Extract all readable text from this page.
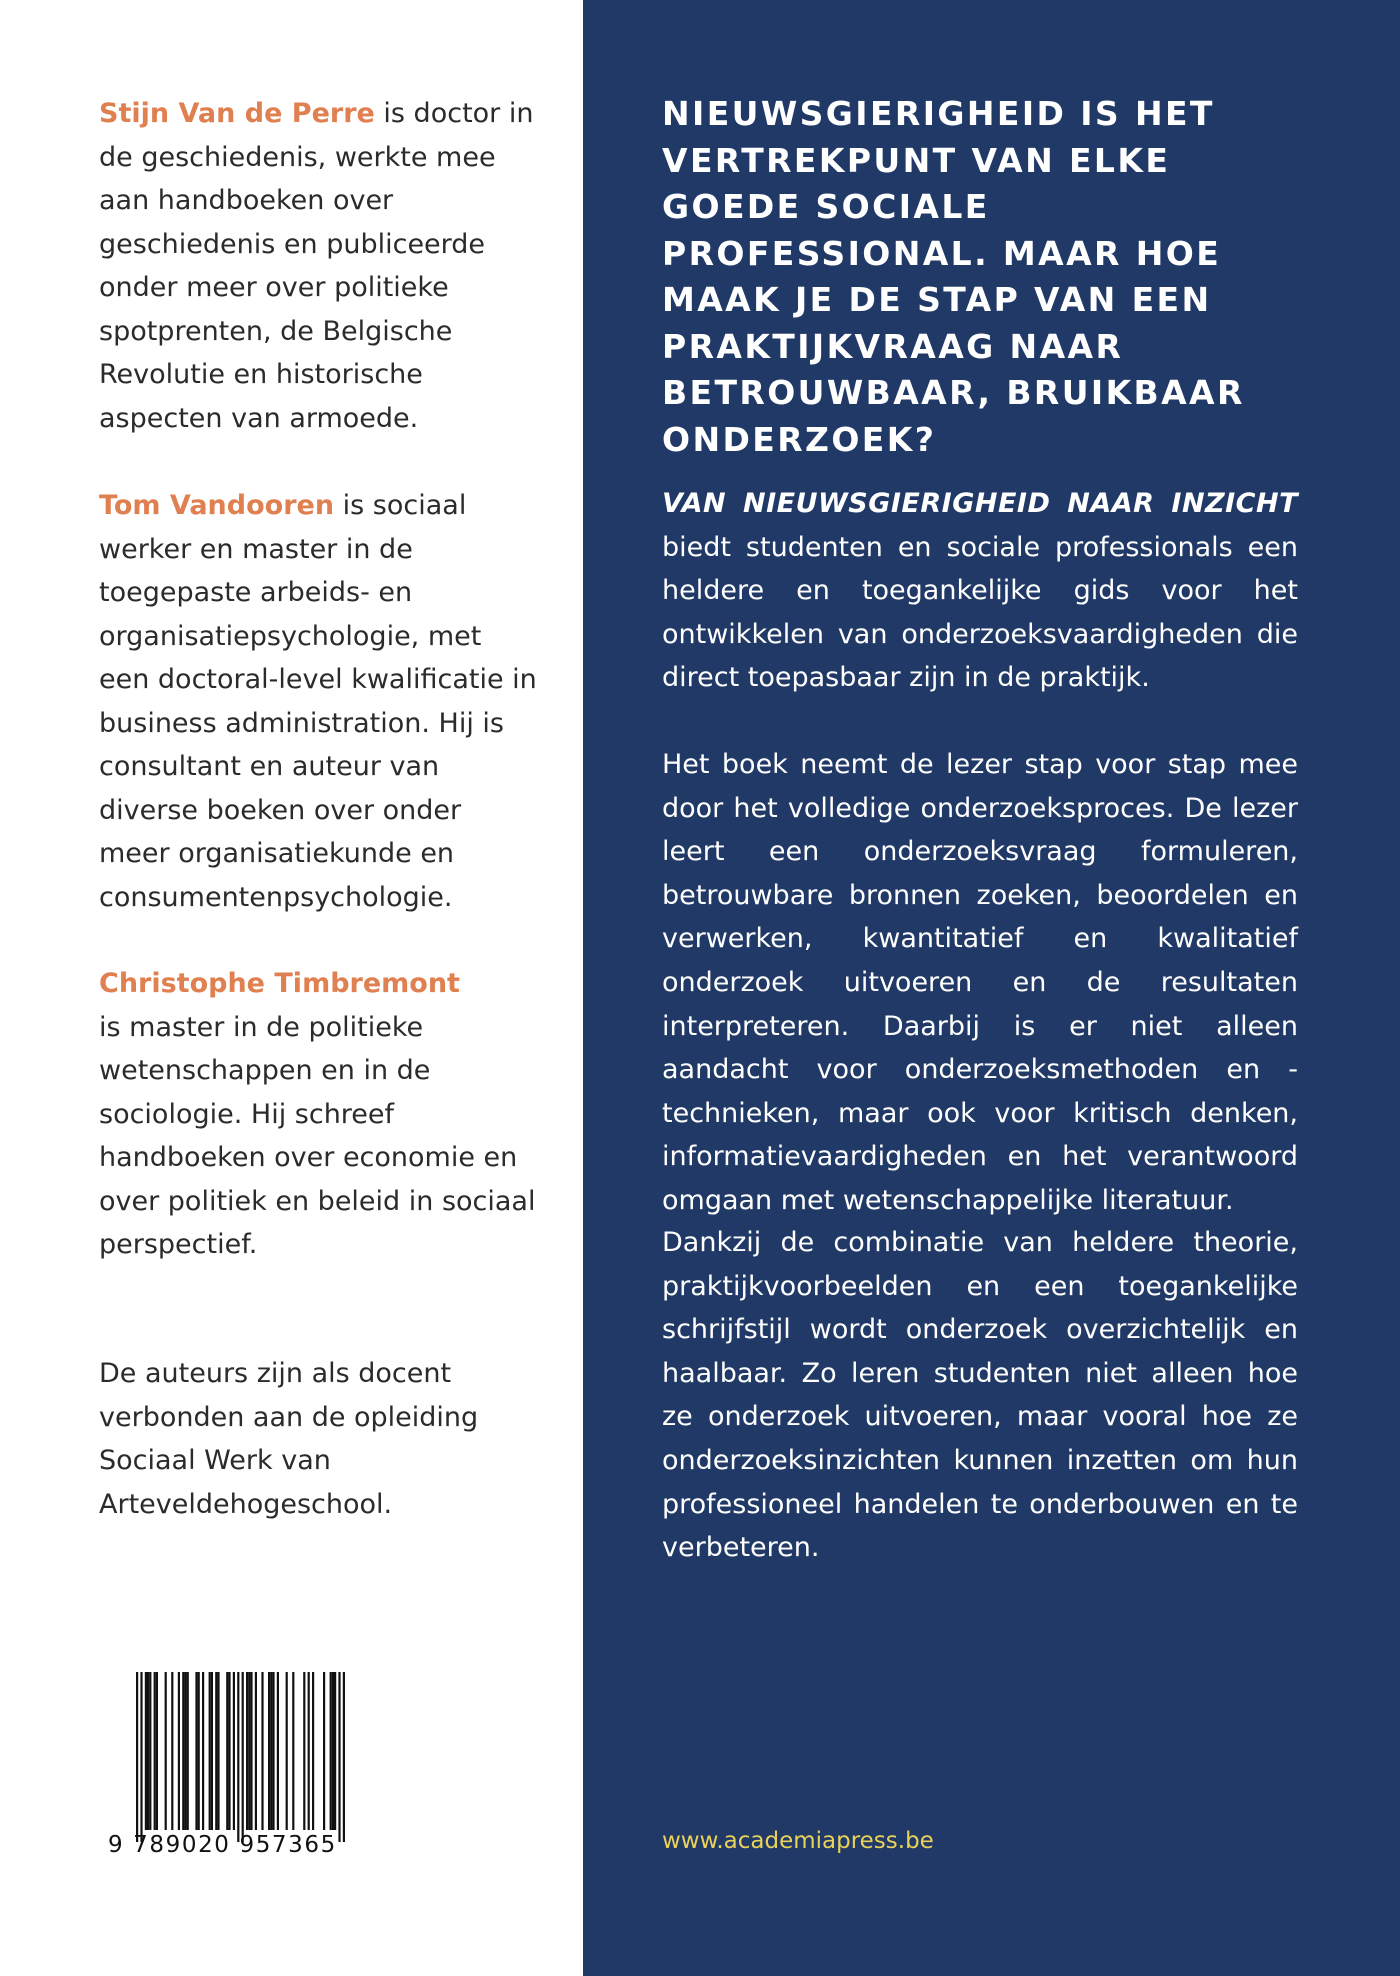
Stijn Van de Perre is doctor in de geschiedenis, werkte mee aan handboeken over geschiedenis en publiceerde onder meer over politieke spotprenten, de Belgische Revolutie en historische aspecten van armoede.

Tom Vandooren is sociaal werker en master in de toegepaste arbeids- en organisatiepsychologie, met een doctoral-level kwalificatie in business administration. Hij is consultant en auteur van diverse boeken over onder meer organisatiekunde en consumentenpsychologie.

Christophe Timbremont
is master in de politieke wetenschappen en in de sociologie. Hij schreef handboeken over economie en over politiek en beleid in sociaal perspectief.

De auteurs zijn als docent verbonden aan de opleiding Sociaal Werk van Arteveldehogeschool.

9 789020 957365
NIEUWSGIERIGHEID IS HET VERTREKPUNT VAN ELKE GOEDE SOCIALE PROFESSIONAL. MAAR HOE MAAK JE DE STAP VAN EEN PRAKTIJKVRAAG NAAR BETROUWBAAR, BRUIKBAAR ONDERZOEK?

VAN NIEUWSGIERIGHEID NAAR INZICHT biedt studenten en sociale professionals een heldere en toegankelijke gids voor het ontwikkelen van onderzoeksvaardigheden die direct toepasbaar zijn in de praktijk.

Het boek neemt de lezer stap voor stap mee door het volledige onderzoeksproces. De lezer leert een onderzoeksvraag formuleren, betrouwbare bronnen zoeken, beoordelen en verwerken, kwantitatief en kwalitatief onderzoek uitvoeren en de resultaten interpreteren. Daarbij is er niet alleen aandacht voor onderzoeksmethoden en -technieken, maar ook voor kritisch denken, informatievaardigheden en het verantwoord omgaan met wetenschappelijke literatuur.

Dankzij de combinatie van heldere theorie, praktijkvoorbeelden en een toegankelijke schrijfstijl wordt onderzoek overzichtelijk en haalbaar. Zo leren studenten niet alleen hoe ze onderzoek uitvoeren, maar vooral hoe ze onderzoeksinzichten kunnen inzetten om hun professioneel handelen te onderbouwen en te verbeteren.

www.academiapress.be
